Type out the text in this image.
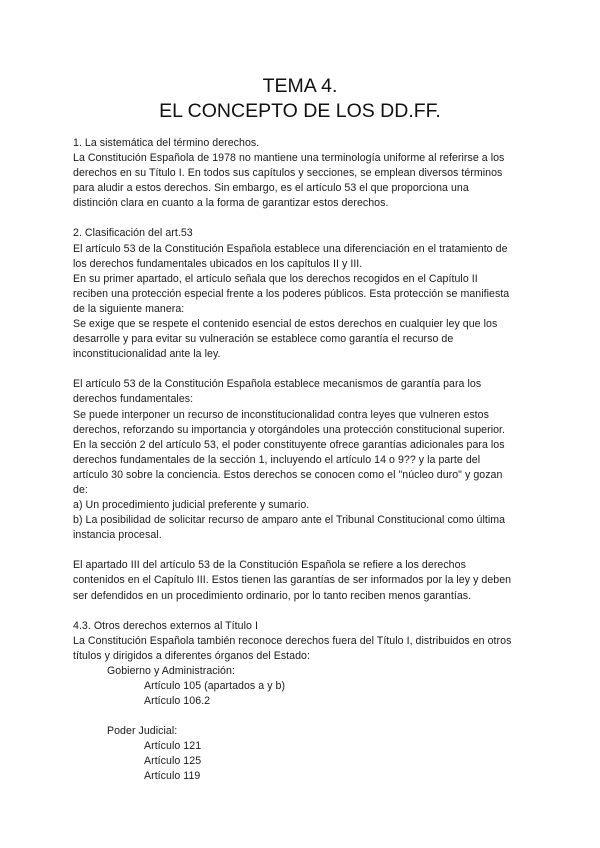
TEMA 4.
EL CONCEPTO DE LOS DD.FF.

1. La sistemática del término derechos.

La Constitución Española de 1978 no mantiene una terminología uniforme al referirse a los

derechos en su Título I. En todos sus capítulos y secciones, se emplean diversos términos

para aludir a estos derechos. Sin embargo, es el artículo 53 el que proporciona una

distinción clara en cuanto a la forma de garantizar estos derechos.

2. Clasificación del art.53

El artículo 53 de la Constitución Española establece una diferenciación en el tratamiento de

los derechos fundamentales ubicados en los capítulos II y III.

En su primer apartado, el artículo señala que los derechos recogidos en el Capítulo II

reciben una protección especial frente a los poderes públicos. Esta protección se manifiesta

de la siguiente manera:

Se exige que se respete el contenido esencial de estos derechos en cualquier ley que los

desarrolle y para evitar su vulneración se establece como garantía el recurso de

inconstitucionalidad ante la ley.

El artículo 53 de la Constitución Española establece mecanismos de garantía para los

derechos fundamentales:

Se puede interponer un recurso de inconstitucionalidad contra leyes que vulneren estos

derechos, reforzando su importancia y otorgándoles una protección constitucional superior.

En la sección 2 del artículo 53, el poder constituyente ofrece garantías adicionales para los

derechos fundamentales de la sección 1, incluyendo el artículo 14 o 9?? y la parte del

artículo 30 sobre la conciencia. Estos derechos se conocen como el "núcleo duro" y gozan

de:

a) Un procedimiento judicial preferente y sumario.

b) La posibilidad de solicitar recurso de amparo ante el Tribunal Constitucional como última

instancia procesal.

El apartado III del artículo 53 de la Constitución Española se refiere a los derechos

contenidos en el Capítulo III. Estos tienen las garantías de ser informados por la ley y deben

ser defendidos en un procedimiento ordinario, por lo tanto reciben menos garantías.

4.3. Otros derechos externos al Título I

La Constitución Española también reconoce derechos fuera del Título I, distribuidos en otros

títulos y dirigidos a diferentes órganos del Estado:

Gobierno y Administración:

Artículo 105 (apartados a y b)

Artículo 106.2

Poder Judicial:

Artículo 121

Artículo 125

Artículo 119
